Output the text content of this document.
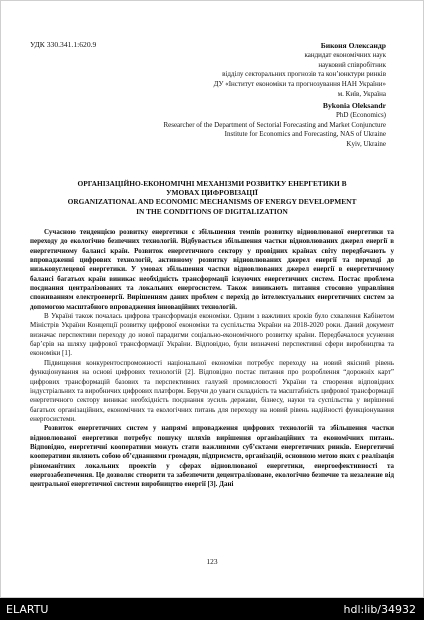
УДК 330.341.1:620.9	Биконя Олександр
кандидат економічних наук
науковий співробітник
відділу секторальних прогнозів та кон’юнктури ринків
ДУ «Інститут економіки та прогнозування НАН України»
м. Київ, Україна
Bykonia Oleksandr
PhD (Economics)
Researcher of the Department of Sectorial Forecasting and Market Conjuncture
Institute for Economics and Forecasting, NAS of Ukraine
Kyiv, Ukraine
ОРГАНІЗАЦІЙНО-ЕКОНОМІЧНІ МЕХАНІЗМИ РОЗВИТКУ ЕНЕРГЕТИКИ В
УМОВАХ ЦИФРОВІЗАЦІЇ
ORGANIZATIONAL AND ECONOMIC MECHANISMS OF ENERGY DEVELOPMENT
IN THE CONDITIONS OF DIGITALIZATION

Сучасною тенденцією розвитку енергетики є збільшення темпів розвитку відновлюваної енергетики та переходу до екологічно безпечних технологій. Відбувається збільшення частки відновлюваних джерел енергії в енергетичному балансі країн. Розвиток енергетичного сектору у провідних країнах світу передбачають у впровадженні цифрових технологій, активному розвитку відновлюваних джерел енергії та переході до низьковуглецевої енергетики. У умовах збільшення частки відновлюваних джерел енергії в енергетичному балансі багатьох країн виникає необхідність трансформації існуючих енергетичних систем. Постає проблема поєднання централізованих та локальних енергосистем. Також виникають питання стосовно управління споживанням електроенергії. Вирішенням даних проблем є перехід до інтелектуальних енергетичних систем за допомогою масштабного впровадження інноваційних технологій.

В Україні також почалась цифрова трансформація економіки. Одним з важливих кроків було схвалення Кабінетом Міністрів України Концепції розвитку цифрової економіки та суспільства України на 2018-2020 роки. Даний документ визначає перспективи переходу до нової парадигми соціально-економічного розвитку країни. Передбачалося усунення бар’єрів на шляху цифрової трансформації України. Відповідно, були визначені перспективні сфери виробництва та економіки [1].

Підвищення конкурентоспроможності національної економіки потребує переходу на новий якісний рівень функціонування на основі цифрових технологій [2]. Відповідно постає питання про розроблення “дорожніх карт” цифрових трансформацій базових та перспективних галузей промисловості України та створення відповідних індустріальних та виробничих цифрових платформ. Беручи до уваги складність та масштабність цифрової трансформації енергетичного сектору виникає необхідність поєднання зусиль держави, бізнесу, науки та суспільства у вирішенні багатьох організаційних, економічних та екологічних питань для переходу на новий рівень надійності функціонування енергосистеми.

Розвиток енергетичних систем у напрямі впровадження цифрових технологій та збільшення частки відновлюваної енергетики потребує пошуку шляхів вирішення організаційних та економічних питань. Відповідно, енергетичні кооперативи можуть стати важливими суб’єктами енергетичних ринків. Енергетичні кооперативи являють собою об’єднаннями громадян, підприємств, організацій, основною метою яких є реалізація різноманітних локальних проектів у сферах відновлюваної енергетики, енергоефективності та енергозабезпечення. Це дозволяє створити та забезпечити децентралізоване, екологічно безпечне та незалежне від центральної енергетичної системи виробництво енергії [3]. Дані

123
ELARTU	hdl:lib/34932
